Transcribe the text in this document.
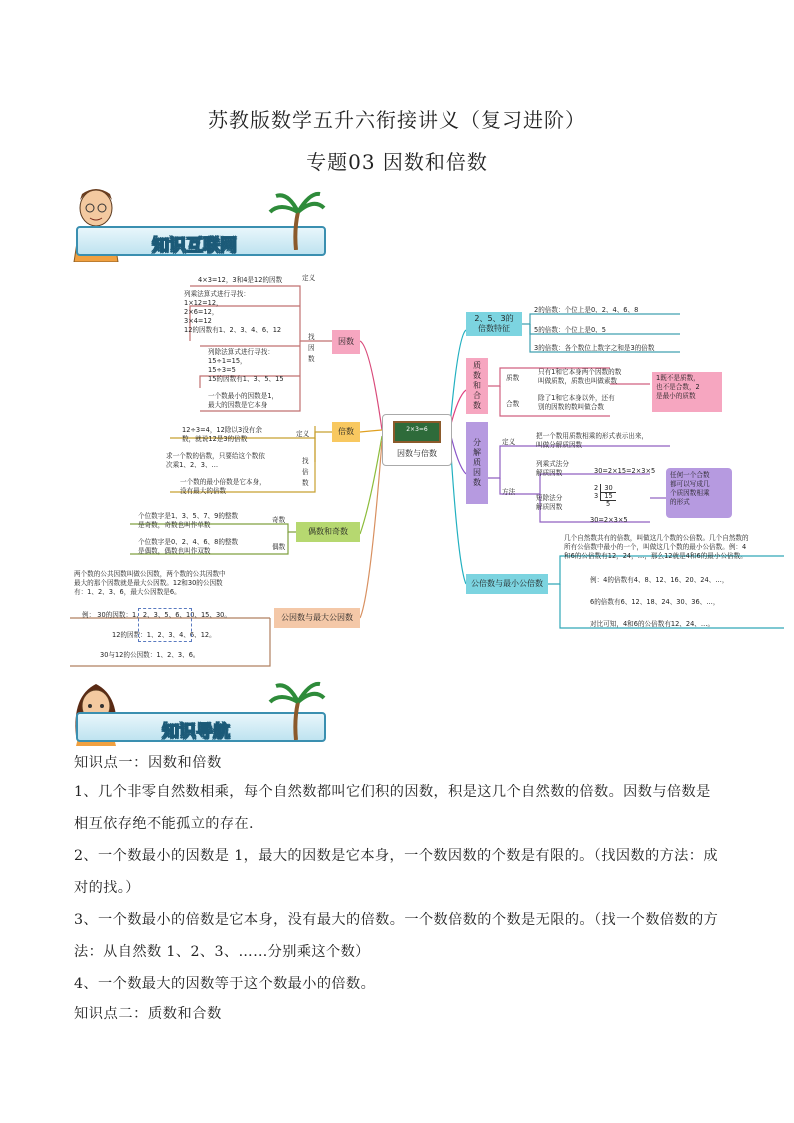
苏教版数学五升六衔接讲义（复习进阶）
专题03 因数和倍数
知识互联网
2×3=6
因数与倍数
因数
定义
4×3=12，3和4是12的因数
找
因
数
列乘法算式进行寻找：
1×12=12，
2×6=12，
3×4=12
12的因数有1、2、3、4、6、12
列除法算式进行寻找：
15÷1=15，
15÷3=5
15的因数有1、3、5、15
一个数最小的因数是1，
最大的因数是它本身
倍数
定义
12÷3=4，12除以3没有余
数，就说12是3的倍数
找
倍
数
求一个数的倍数，只要给这个数依
次乘1、2、3、…
一个数的最小倍数是它本身，
没有最大的倍数
偶数和奇数
奇数
个位数字是1、3、5、7、9的整数
是奇数，奇数也叫作单数
偶数
个位数字是0、2、4、6、8的整数
是偶数，偶数也叫作双数
公因数与最大公因数
两个数的公共因数叫做公因数，两个数的公共因数中
最大的那个因数就是最大公因数。12和30的公因数
有：1、2、3、6，最大公因数是6。
例： 30的因数：1、2、3、5、6、10、15、30。
12的因数：1、2、3、4、6、12。
30与12的公因数：1、2、3、6。
2、5、3的
倍数特征
2的倍数：个位上是0、2、4、6、8
5的倍数：个位上是0、5
3的倍数：各个数位上数字之和是3的倍数
质
数
和
合
数
质数
只有1和它本身两个因数的数
叫做质数，质数也叫做素数
合数
除了1和它本身以外，还有
别的因数的数叫做合数
1既不是质数，
也不是合数，2
是最小的质数
分
解
质
因
数
定义
把一个数用质数相乘的形式表示出来，
叫做分解质因数
方法
列乘式法分
解质因数	30=2×15=2×3×5
短除法分
解质因数
2 30
3 15
5
30=2×3×5
任何一个合数
都可以写成几
个质因数相乘
的形式
公倍数与最小公倍数
几个自然数共有的倍数，叫做这几个数的公倍数。几个自然数的
所有公倍数中最小的一个，叫做这几个数的最小公倍数。例：4
和6的公倍数有12，24，…，那么12就是4和6的最小公倍数。
例：4的倍数有4、8、12、16、20、24、…，
6的倍数有6、12、18、24、30、36、…，
对比可知，4和6的公倍数有12、24、…。
知识导航
知识点一：因数和倍数
1、几个非零自然数相乘，每个自然数都叫它们积的因数，积是这几个自然数的倍数。因数与倍数是相互依存绝不能孤立的存在.
2、一个数最小的因数是 1，最大的因数是它本身，一个数因数的个数是有限的。（找因数的方法：成对的找。）
3、一个数最小的倍数是它本身，没有最大的倍数。一个数倍数的个数是无限的。（找一个数倍数的方法：从自然数 1、2、3、……分别乘这个数）
4、一个数最大的因数等于这个数最小的倍数。
知识点二：质数和合数
